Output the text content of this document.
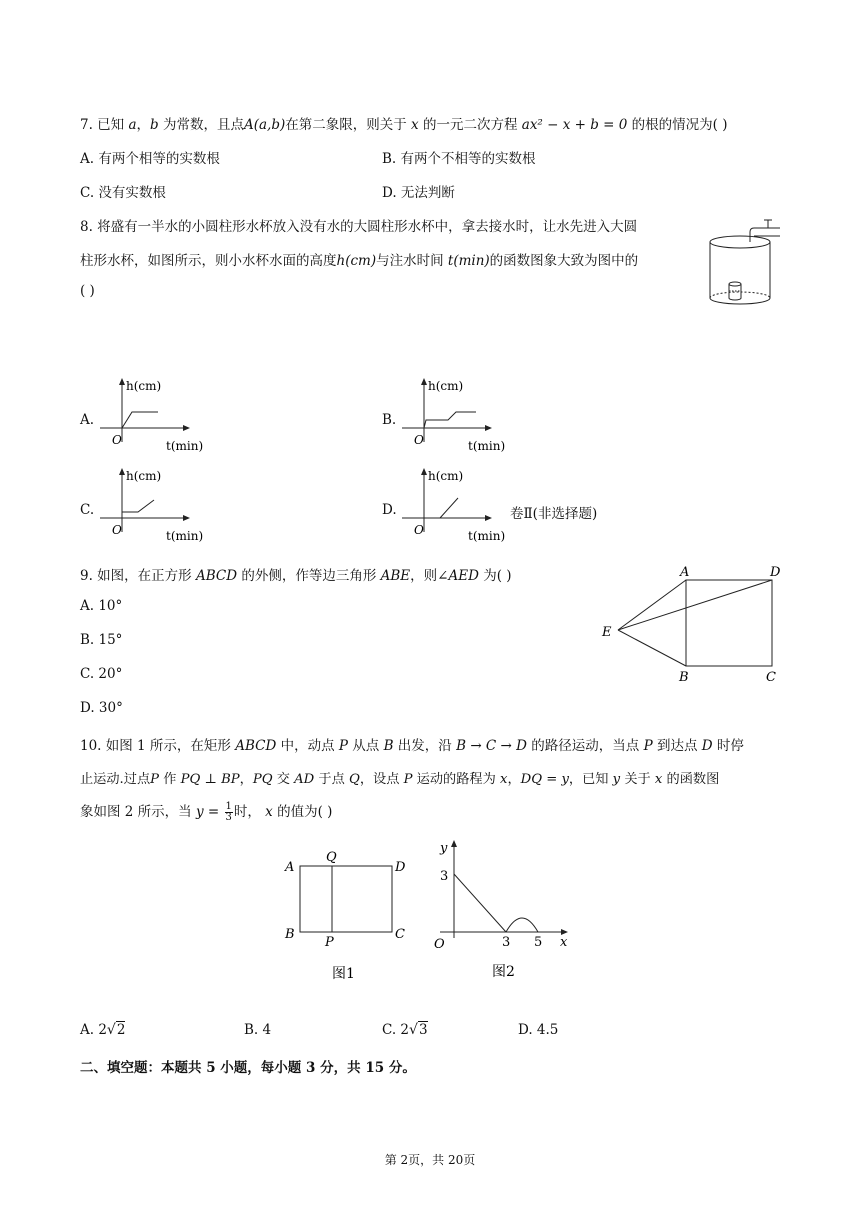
7. 已知 a，b 为常数，且点A(a,b)在第二象限，则关于 x 的一元二次方程 ax² − x + b = 0 的根的情况为( )
A. 有两个相等的实数根	B. 有两个不相等的实数根
C. 没有实数根	D. 无法判断
8. 将盛有一半水的小圆柱形水杯放入没有水的大圆柱形水杯中，拿去接水时，让水先进入大圆
柱形水杯，如图所示，则小水杯水面的高度h(cm)与注水时间 t(min)的函数图象大致为图中的
( )
A.
h(cm)
O	t(min)
B.
h(cm)
O	t(min)
C.
h(cm)
O	t(min)
D.
h(cm)
O	t(min)
卷Ⅱ(非选择题)
9. 如图，在正方形 ABCD 的外侧，作等边三角形 ABE，则∠AED 为( )
A. 10°
B. 15°
C. 20°
D. 30°
A	D
E
B	C
10. 如图 1 所示，在矩形 ABCD 中，动点 P 从点 B 出发，沿 B → C → D 的路径运动，当点 P 到达点 D 时停
止运动.过点P 作 PQ ⊥ BP，PQ 交 AD 于点 Q，设点 P 运动的路程为 x，DQ = y，已知 y 关于 x 的函数图
象如图 2 所示，当 $y = \frac{1}{3}$ 时， x 的值为( )
A
Q
D
B
P
C
图1
y
3
O	3 5 x
图2
A. 2√2	B. 4	C. 2√3	D. 4.5
二、填空题：本题共 5 小题，每小题 3 分，共 15 分。
第 2页，共 20页
